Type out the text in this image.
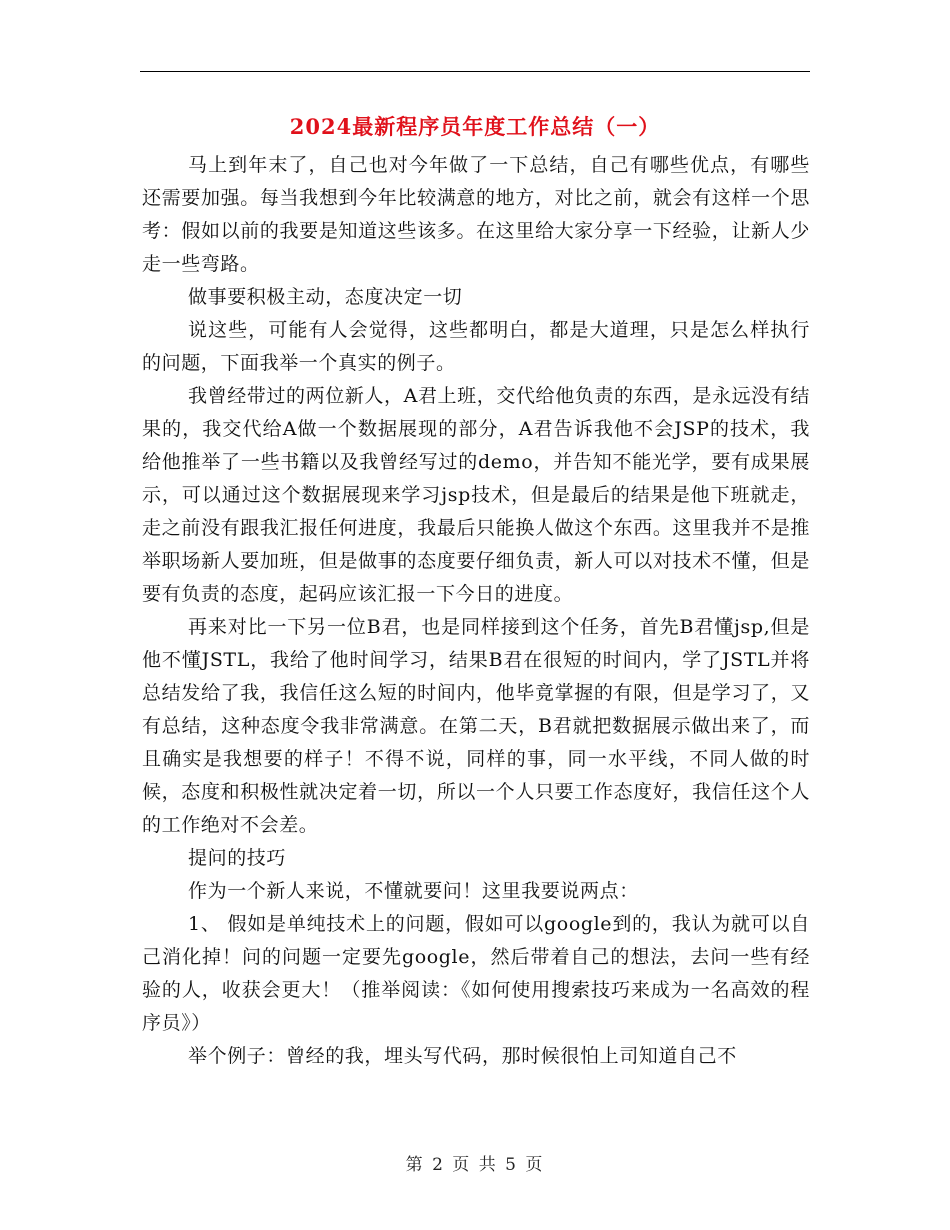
2024最新程序员年度工作总结（一）

马上到年末了，自己也对今年做了一下总结，自己有哪些优点，有哪些还需要加强。每当我想到今年比较满意的地方，对比之前，就会有这样一个思考：假如以前的我要是知道这些该多。在这里给大家分享一下经验，让新人少走一些弯路。

做事要积极主动，态度决定一切

说这些，可能有人会觉得，这些都明白，都是大道理，只是怎么样执行的问题，下面我举一个真实的例子。

我曾经带过的两位新人，A君上班，交代给他负责的东西，是永远没有结果的，我交代给A做一个数据展现的部分，A君告诉我他不会JSP的技术，我给他推举了一些书籍以及我曾经写过的demo，并告知不能光学，要有成果展示，可以通过这个数据展现来学习jsp技术，但是最后的结果是他下班就走，走之前没有跟我汇报任何进度，我最后只能换人做这个东西。这里我并不是推举职场新人要加班，但是做事的态度要仔细负责，新人可以对技术不懂，但是要有负责的态度，起码应该汇报一下今日的进度。

再来对比一下另一位B君，也是同样接到这个任务，首先B君懂jsp,但是他不懂JSTL，我给了他时间学习，结果B君在很短的时间内，学了JSTL并将总结发给了我，我信任这么短的时间内，他毕竟掌握的有限，但是学习了，又有总结，这种态度令我非常满意。在第二天，B君就把数据展示做出来了，而且确实是我想要的样子！不得不说，同样的事，同一水平线，不同人做的时候，态度和积极性就决定着一切，所以一个人只要工作态度好，我信任这个人的工作绝对不会差。

提问的技巧

作为一个新人来说，不懂就要问！这里我要说两点：

1、 假如是单纯技术上的问题，假如可以google到的，我认为就可以自己消化掉！问的问题一定要先google，然后带着自己的想法，去问一些有经验的人，收获会更大！（推举阅读：《如何使用搜索技巧来成为一名高效的程序员》）

举个例子：曾经的我，埋头写代码，那时候很怕上司知道自己不

第 2 页 共 5 页
